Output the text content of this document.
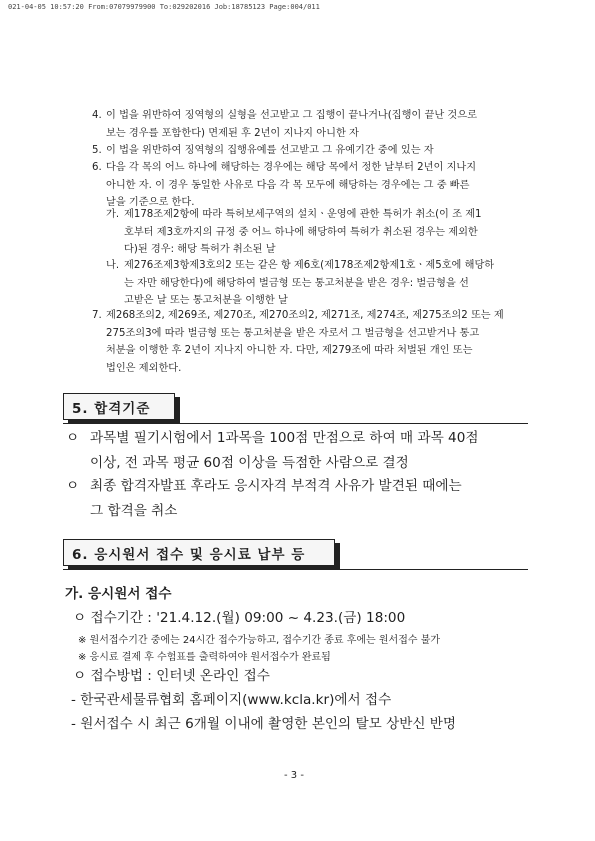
021-04-05 10:57:20 From:07079979900 To:029202016 Job:18785123 Page:004/011
4. 이 법을 위반하여 징역형의 실형을 선고받고 그 집행이 끝나거나(집행이 끝난 것으로
보는 경우를 포함한다) 면제된 후 2년이 지나지 아니한 자
5. 이 법을 위반하여 징역형의 집행유예를 선고받고 그 유예기간 중에 있는 자
6. 다음 각 목의 어느 하나에 해당하는 경우에는 해당 목에서 정한 날부터 2년이 지나지
아니한 자. 이 경우 동일한 사유로 다음 각 목 모두에 해당하는 경우에는 그 중 빠른
날을 기준으로 한다.
가. 제178조제2항에 따라 특허보세구역의 설치ㆍ운영에 관한 특허가 취소(이 조 제1
호부터 제3호까지의 규정 중 어느 하나에 해당하여 특허가 취소된 경우는 제외한
다)된 경우: 해당 특허가 취소된 날
나. 제276조제3항제3호의2 또는 같은 항 제6호(제178조제2항제1호ㆍ제5호에 해당하
는 자만 해당한다)에 해당하여 벌금형 또는 통고처분을 받은 경우: 벌금형을 선
고받은 날 또는 통고처분을 이행한 날
7. 제268조의2, 제269조, 제270조, 제270조의2, 제271조, 제274조, 제275조의2 또는 제
275조의3에 따라 벌금형 또는 통고처분을 받은 자로서 그 벌금형을 선고받거나 통고
처분을 이행한 후 2년이 지나지 아니한 자. 다만, 제279조에 따라 처벌된 개인 또는
법인은 제외한다.
5. 합격기준
ㅇ 과목별 필기시험에서 1과목을 100점 만점으로 하여 매 과목 40점
이상, 전 과목 평균 60점 이상을 득점한 사람으로 결정
ㅇ 최종 합격자발표 후라도 응시자격 부적격 사유가 발견된 때에는
그 합격을 취소
6. 응시원서 접수 및 응시료 납부 등
가. 응시원서 접수
ㅇ 접수기간 : '21.4.12.(월) 09:00 ~ 4.23.(금) 18:00
※ 원서접수기간 중에는 24시간 접수가능하고, 접수기간 종료 후에는 원서접수 불가
※ 응시료 결제 후 수험표를 출력하여야 원서접수가 완료됨
ㅇ 접수방법 : 인터넷 온라인 접수
- 한국관세물류협회 홈페이지(www.kcla.kr)에서 접수
- 원서접수 시 최근 6개월 이내에 촬영한 본인의 탈모 상반신 반명
- 3 -
